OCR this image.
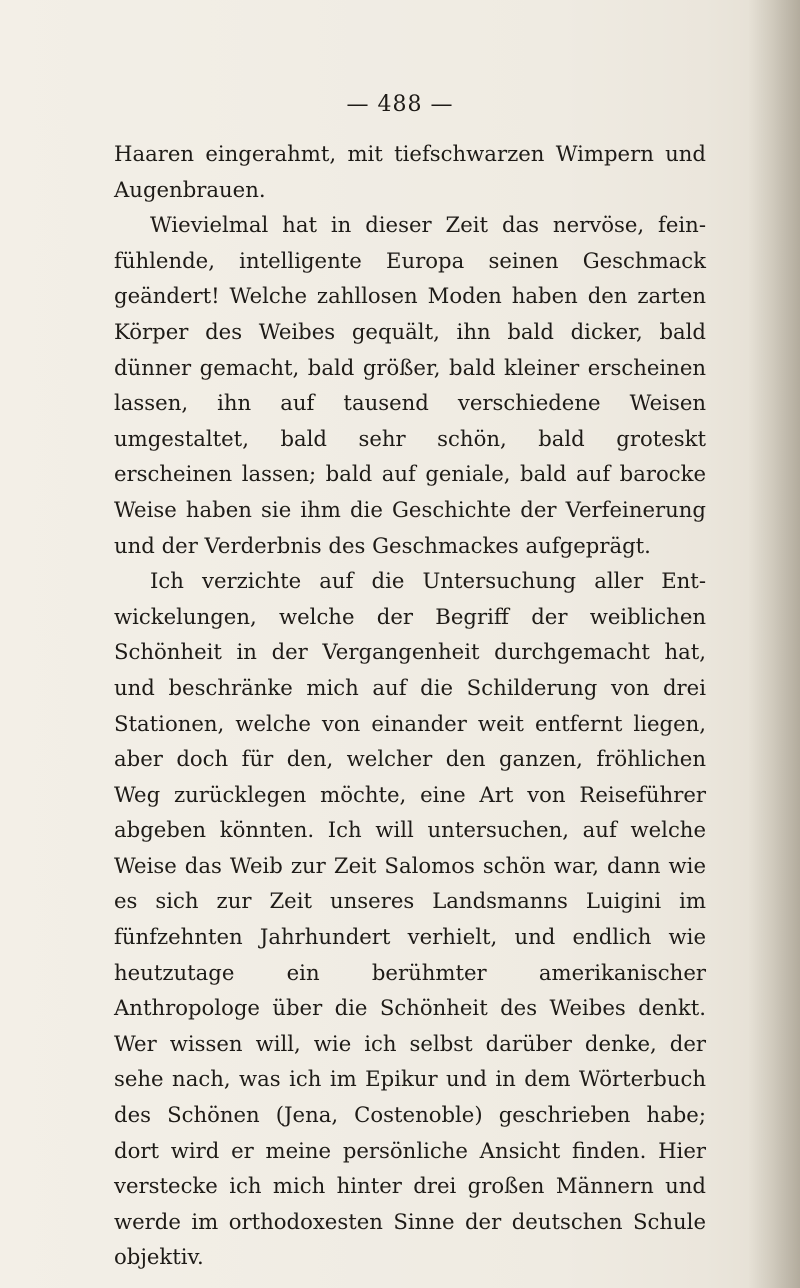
— 488 —

Haaren eingerahmt, mit tiefschwarzen Wimpern und Augenbrauen.

Wievielmal hat in dieser Zeit das nervöse, feinfühlende, intelligente Europa seinen Geschmack geändert! Welche zahllosen Moden haben den zarten Körper des Weibes gequält, ihn bald dicker, bald dünner gemacht, bald größer, bald kleiner erscheinen lassen, ihn auf tausend verschiedene Weisen umgestaltet, bald sehr schön, bald groteskt erscheinen lassen; bald auf geniale, bald auf barocke Weise haben sie ihm die Geschichte der Verfeinerung und der Verderbnis des Geschmackes aufgeprägt.

Ich verzichte auf die Untersuchung aller Entwickelungen, welche der Begriff der weiblichen Schönheit in der Vergangenheit durchgemacht hat, und beschränke mich auf die Schilderung von drei Stationen, welche von einander weit entfernt liegen, aber doch für den, welcher den ganzen, fröhlichen Weg zurücklegen möchte, eine Art von Reiseführer abgeben könnten. Ich will untersuchen, auf welche Weise das Weib zur Zeit Salomos schön war, dann wie es sich zur Zeit unseres Landsmanns Luigini im fünfzehnten Jahrhundert verhielt, und endlich wie heutzutage ein berühmter amerikanischer Anthropologe über die Schönheit des Weibes denkt. Wer wissen will, wie ich selbst darüber denke, der sehe nach, was ich im Epikur und in dem Wörterbuch des Schönen (Jena, Costenoble) geschrieben habe; dort wird er meine persönliche Ansicht finden. Hier verstecke ich mich hinter drei großen Männern und werde im orthodoxesten Sinne der deutschen Schule objektiv.
